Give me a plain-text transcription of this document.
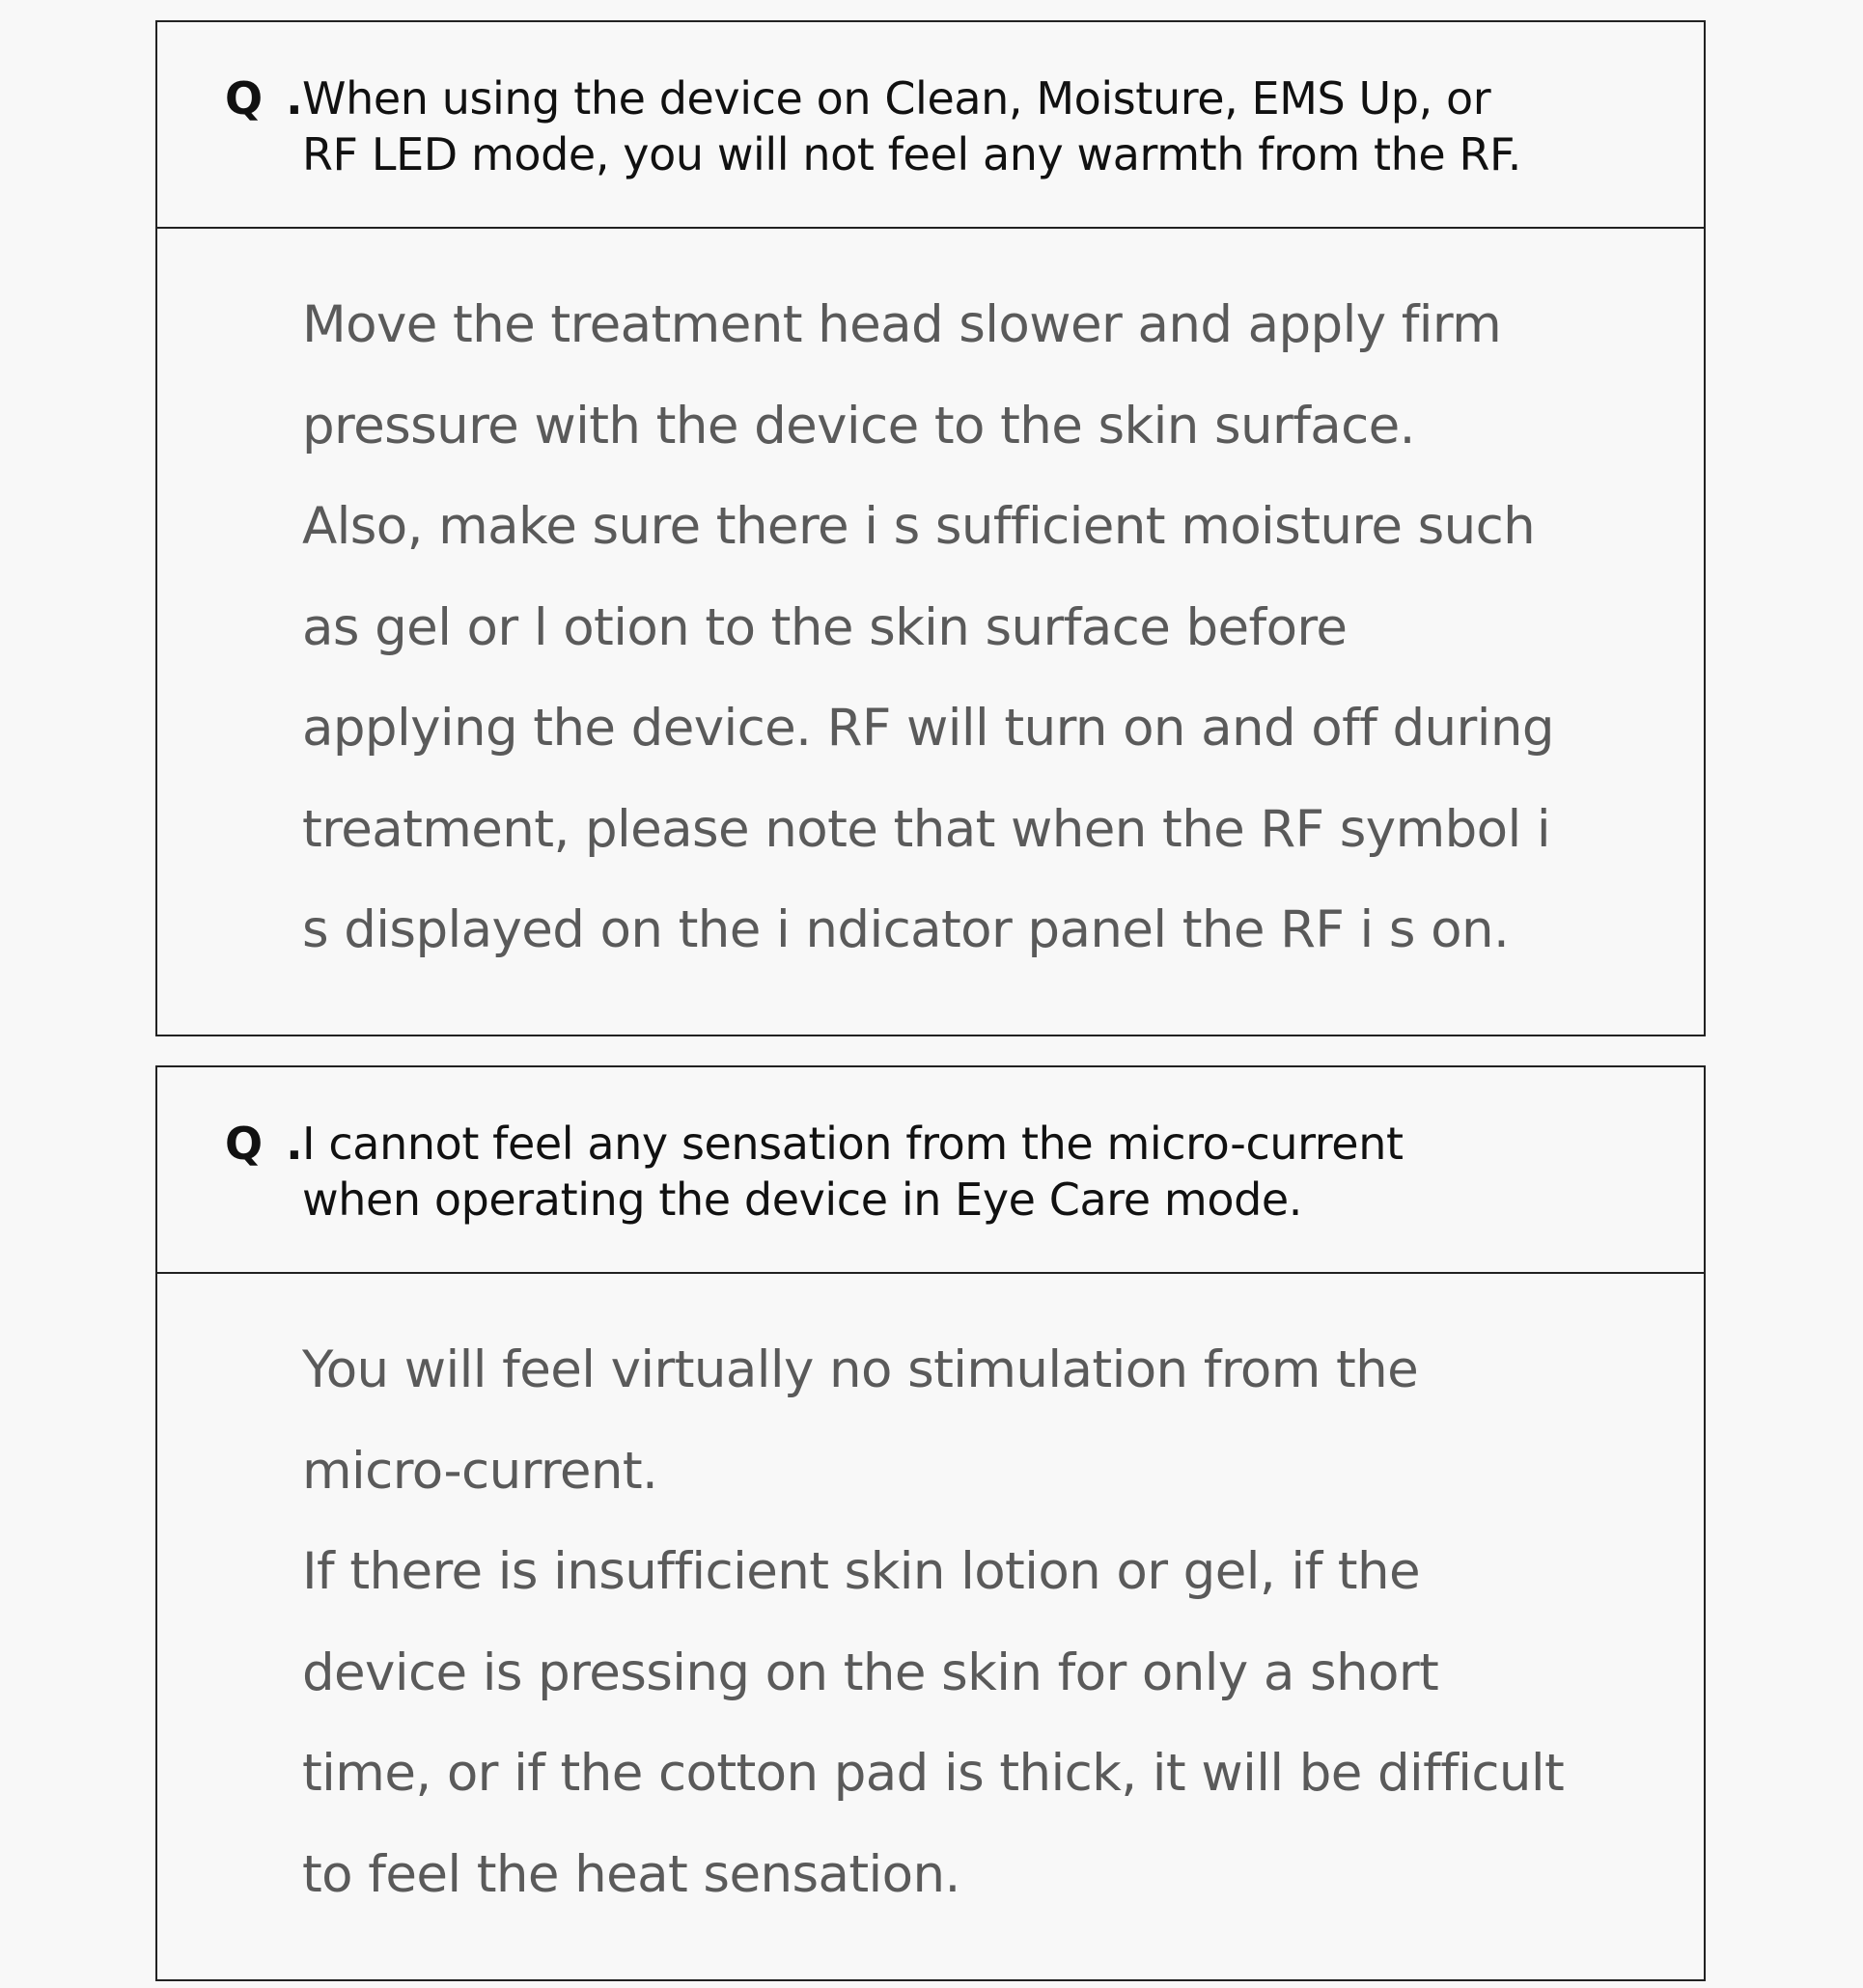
Q .

When using the device on Clean, Moisture, EMS Up, or
RF LED mode, you will not feel any warmth from the RF.

Move the treatment head slower and apply firm
pressure with the device to the skin surface.
Also, make sure there i s sufficient moisture such
as gel or l otion to the skin surface before
applying the device. RF will turn on and off during
treatment, please note that when the RF symbol i
s displayed on the i ndicator panel the RF i s on.

Q .

I cannot feel any sensation from the micro-current
when operating the device in Eye Care mode.

You will feel virtually no stimulation from the
micro-current.
If there is insufficient skin lotion or gel, if the
device is pressing on the skin for only a short
time, or if the cotton pad is thick, it will be difficult
to feel the heat sensation.
